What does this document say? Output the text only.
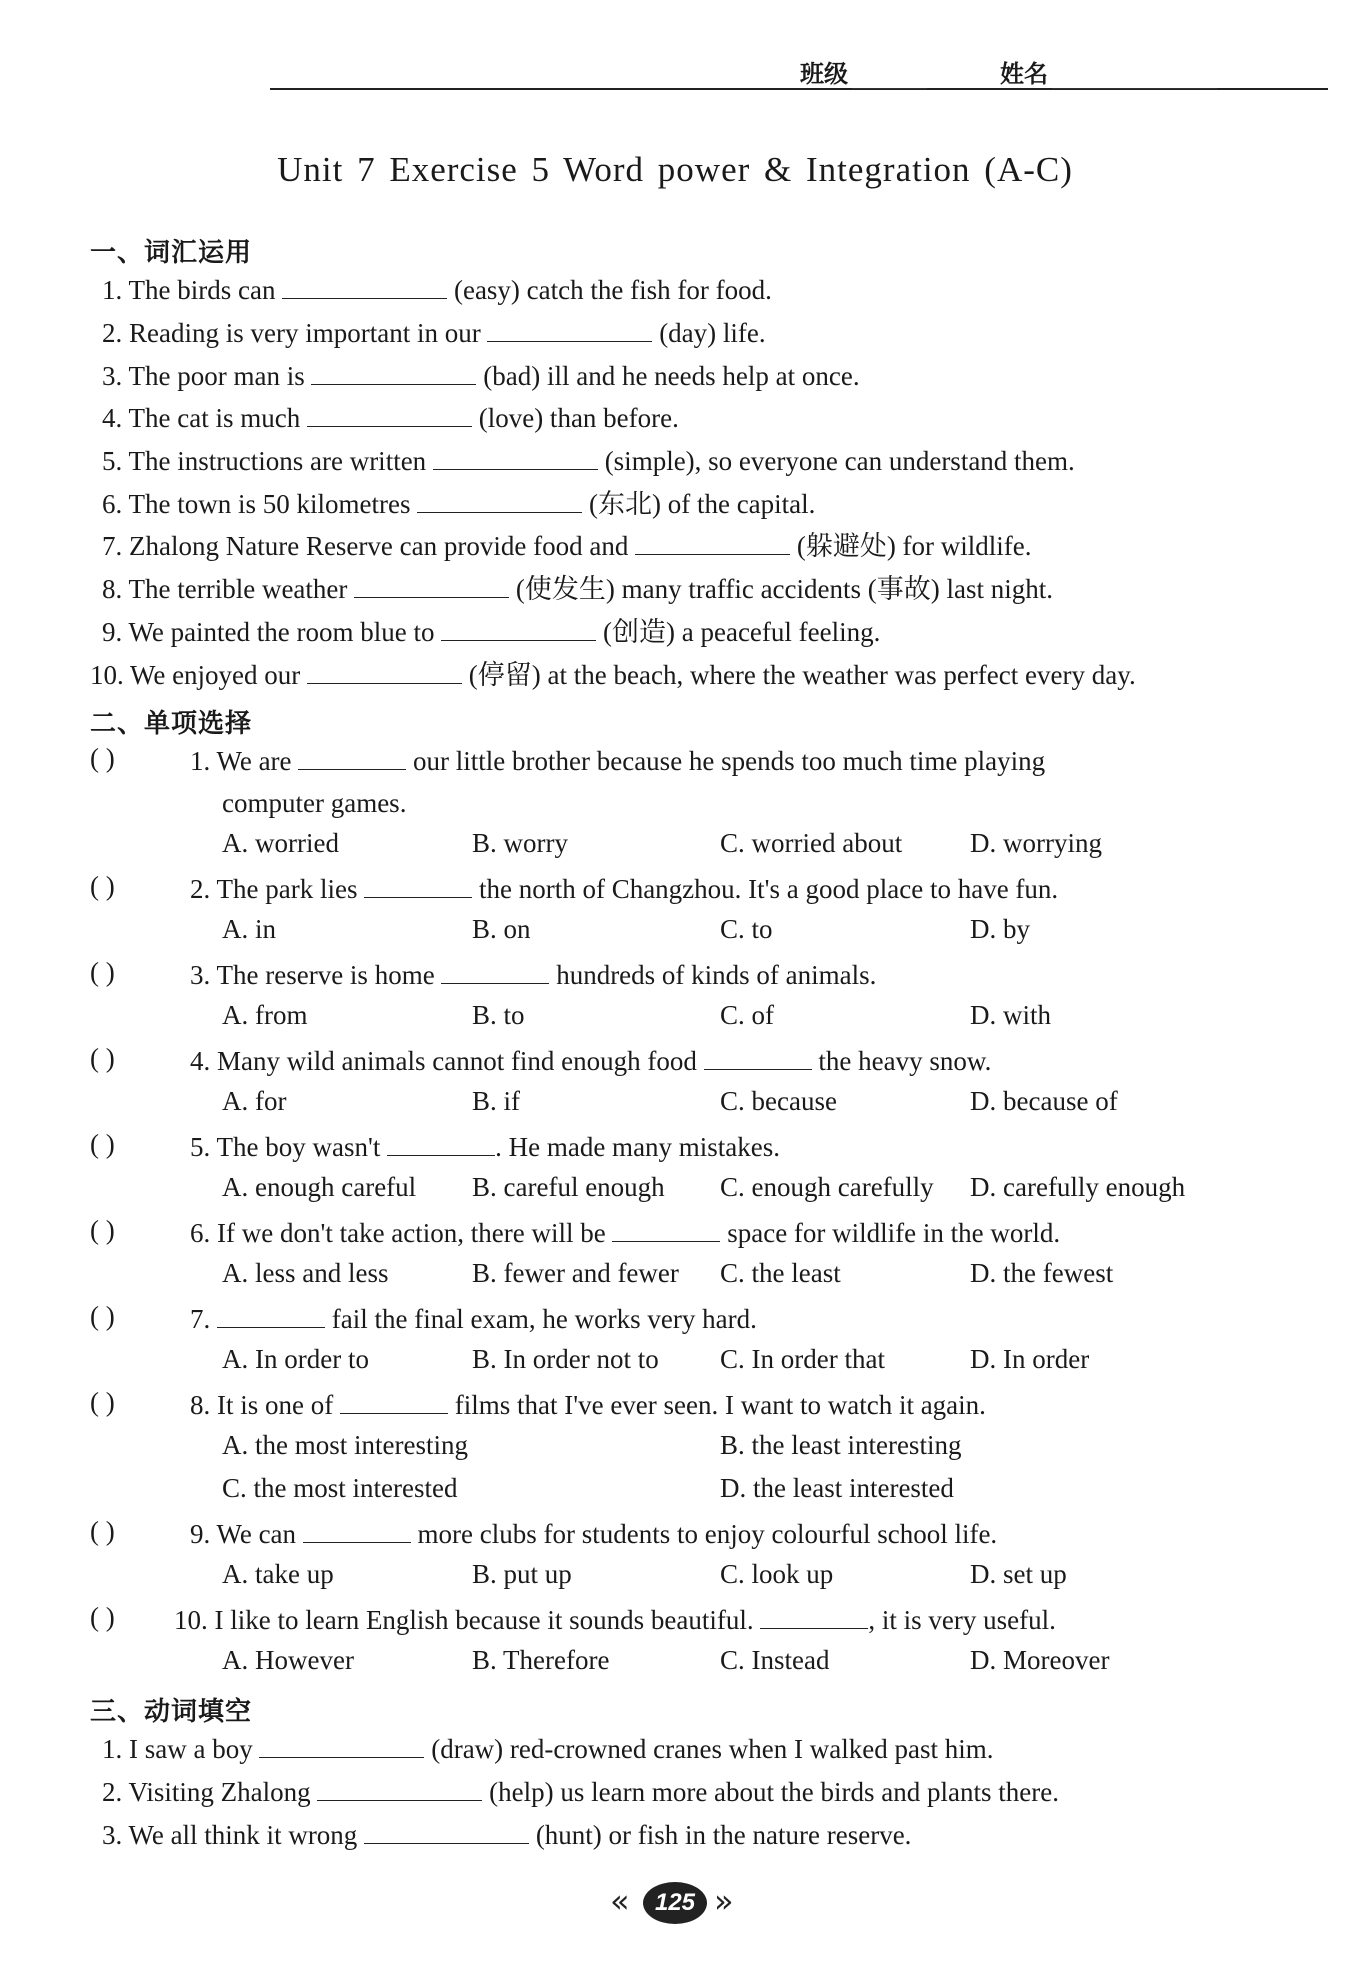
班级	姓名
Unit 7 Exercise 5 Word power & Integration (A-C)
一、词汇运用
1. The birds can	(easy) catch the fish for food.
2. Reading is very important in our	(day) life.
3. The poor man is	(bad) ill and he needs help at once.
4. The cat is much	(love) than before.
5. The instructions are written	(simple), so everyone can understand them.
6. The town is 50 kilometres	(东北) of the capital.
7. Zhalong Nature Reserve can provide food and	(躲避处) for wildlife.
8. The terrible weather	(使发生) many traffic accidents (事故) last night.
9. We painted the room blue to	(创造) a peaceful feeling.
10. We enjoyed our	(停留) at the beach, where the weather was perfect every day.
二、单项选择
( )	1. We are	our little brother because he spends too much time playing
computer games.
A. worried	B. worry	C. worried about	D. worrying
( )	2. The park lies	the north of Changzhou. It's a good place to have fun.
A. in	B. on	C. to	D. by
( )	3. The reserve is home	hundreds of kinds of animals.
A. from	B. to	C. of	D. with
( )	4. Many wild animals cannot find enough food	the heavy snow.
A. for	B. if	C. because	D. because of
( )	5. The boy wasn't	. He made many mistakes.
A. enough careful B. careful enough C. enough carefully D. carefully enough
( )	6. If we don't take action, there will be	space for wildlife in the world.
A. less and less	B. fewer and fewer C. the least	D. the fewest
( )	7.	fail the final exam, he works very hard.
A. In order to	B. In order not to C. In order that	D. In order
( )	8. It is one of	films that I've ever seen. I want to watch it again.
A. the most interesting	B. the least interesting
C. the most interested	D. the least interested
( )	9. We can	more clubs for students to enjoy colourful school life.
A. take up	B. put up	C. look up	D. set up
( ) 10. I like to learn English because it sounds beautiful.	, it is very useful.
A. However	B. Therefore	C. Instead	D. Moreover
三、动词填空
1. I saw a boy	(draw) red-crowned cranes when I walked past him.
2. Visiting Zhalong	(help) us learn more about the birds and plants there.
3. We all think it wrong	(hunt) or fish in the nature reserve.
«	125 »
